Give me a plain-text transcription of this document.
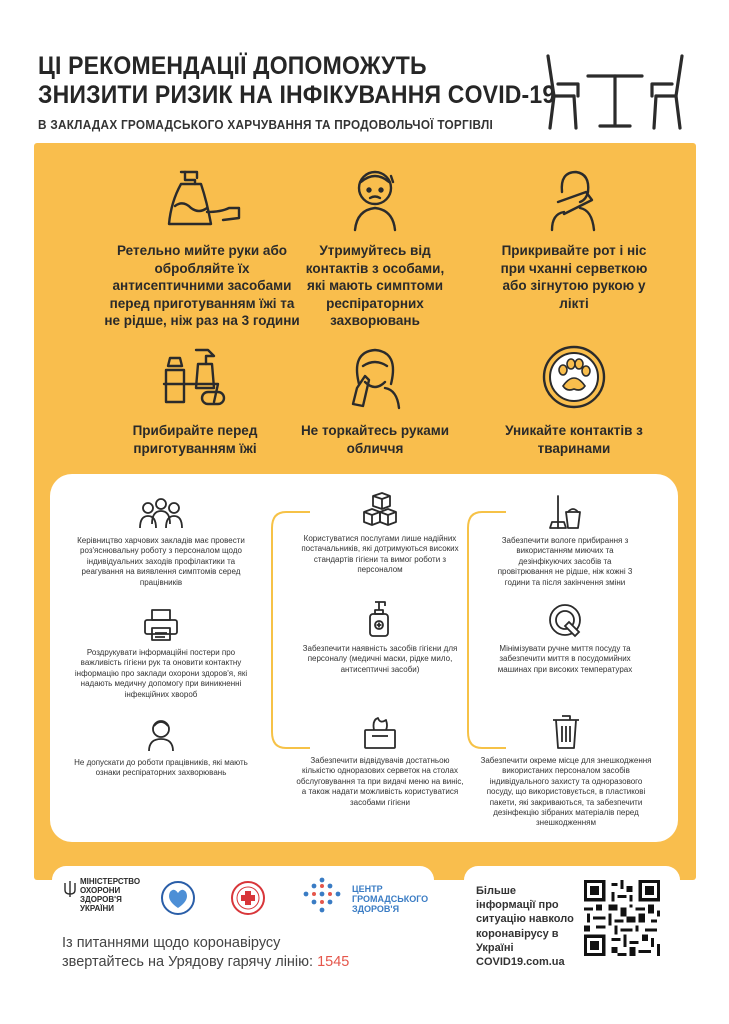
ЦІ РЕКОМЕНДАЦІЇ ДОПОМОЖУТЬ
ЗНИЗИТИ РИЗИК НА ІНФІКУВАННЯ COVID-19
В ЗАКЛАДАХ ГРОМАДСЬКОГО ХАРЧУВАННЯ ТА ПРОДОВОЛЬЧОЇ ТОРГІВЛІ
Ретельно мийте руки або обробляйте їх антисептичними засобами перед приготуванням їжі та не рідше, ніж раз на 3 години
Утримуйтесь від контактів з особами, які мають симптоми респіраторних захворювань
Прикривайте рот і ніс при чханні серветкою або зігнутою рукою у лікті
Прибирайте перед приготуванням їжі
Не торкайтесь руками обличчя
Уникайте контактів з тваринами
Керівництво харчових закладів має провести роз'яснювальну роботу з персоналом щодо індивідуальних заходів профілактики та реагування на виявлення симптомів серед працівників
Роздрукувати інформаційні постери про важливість гігієни рук та оновити контактну інформацію про заклади охорони здоров'я, які надають медичну допомогу при виникненні інфекційних хвороб
Не допускати до роботи працівників, які мають ознаки респіраторних захворювань
Користуватися послугами лише надійних постачальників, які дотримуються високих стандартів гігієни та вимог роботи з персоналом
Забезпечити наявність засобів гігієни для персоналу (медичні маски, рідке мило, антисептичні засоби)
Забезпечити відвідувачів достатньою кількістю одноразових серветок на столах обслуговування та при видачі меню на виніс, а також надати можливість користуватися засобами гігієни
Забезпечити вологе прибирання з використанням миючих та дезінфікуючих засобів та провітрювання не рідше, ніж кожні 3 години та після закінчення зміни
Мінімізувати ручне миття посуду та забезпечити миття в посудомийних машинах при високих температурах
Забезпечити окреме місце для знешкодження використаних персоналом засобів індивідуального захисту та одноразового посуду, що використовується, в пластикові пакети, які закриваються, та забезпечити дезінфекцію зібраних матеріалів перед знешкодженням
МІНІСТЕРСТВО ОХОРОНИ ЗДОРОВ'Я УКРАЇНИ
ЦЕНТР ГРОМАДСЬКОГО ЗДОРОВ'Я
Із питаннями щодо коронавірусу
звертайтесь на Урядову гарячу лінію: 1545
Більше інформації про ситуацію навколо коронавірусу в Україні
COVID19.com.ua
